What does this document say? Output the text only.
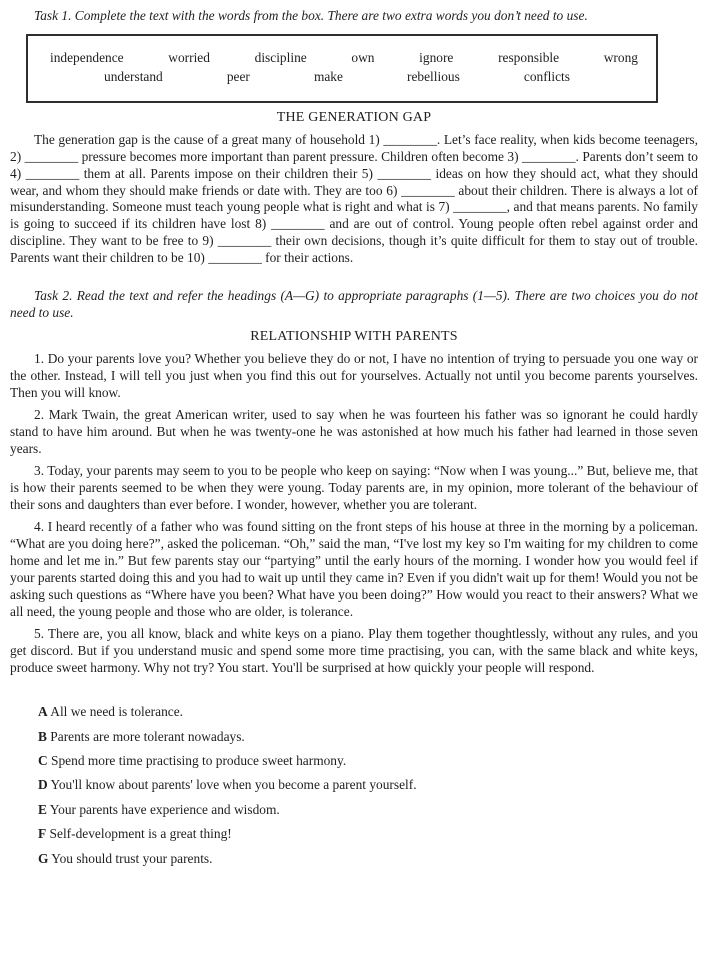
Task 1. Complete the text with the words from the box. There are two extra words you don’t need to use.

independence	worried	discipline	own	ignore	responsible	wrong
understand	peer	make	rebellious	conflicts
THE GENERATION GAP

The generation gap is the cause of a great many of household 1) ________. Let’s face reality, when kids become teenagers, 2) ________ pressure becomes more important than parent pressure. Children often become 3) ________. Parents don’t seem to 4) ________ them at all. Parents impose on their children their 5) ________ ideas on how they should act, what they should wear, and whom they should make friends or date with. They are too 6) ________ about their children. There is always a lot of misunderstanding. Someone must teach young people what is right and what is 7) ________, and that means parents. No family is going to succeed if its children have lost 8) ________ and are out of control. Young people often rebel against order and discipline. They want to be free to 9) ________ their own decisions, though it’s quite difficult for them to stay out of trouble. Parents want their children to be 10) ________ for their actions.

Task 2. Read the text and refer the headings (A—G) to appropriate paragraphs (1—5). There are two choices you do not need to use.

RELATIONSHIP WITH PARENTS

1. Do your parents love you? Whether you believe they do or not, I have no intention of trying to persuade you one way or the other. Instead, I will tell you just when you find this out for yourselves. Actually not until you become parents yourselves. Then you will know.

2. Mark Twain, the great American writer, used to say when he was fourteen his father was so ignorant he could hardly stand to have him around. But when he was twenty-one he was astonished at how much his father had learned in those seven years.

3. Today, your parents may seem to you to be people who keep on saying: “Now when I was young...” But, believe me, that is how their parents seemed to be when they were young. Today parents are, in my opinion, more tolerant of the behaviour of their sons and daughters than ever before. I wonder, however, whether you are tolerant.

4. I heard recently of a father who was found sitting on the front steps of his house at three in the morning by a policeman. “What are you doing here?”, asked the policeman. “Oh,” said the man, “I've lost my key so I'm waiting for my children to come home and let me in.” But few parents stay our “partying” until the early hours of the morning. I wonder how you would feel if your parents started doing this and you had to wait up until they came in? Even if you didn't wait up for them! Would you not be asking such questions as “Where have you been? What have you been doing?” How would you react to their answers? What we all need, the young people and those who are older, is tolerance.

5. There are, you all know, black and white keys on a piano. Play them together thoughtlessly, without any rules, and you get discord. But if you understand music and spend some more time practising, you can, with the same black and white keys, produce sweet harmony. Why not try? You start. You'll be surprised at how quickly your people will respond.

A All we need is tolerance.

B Parents are more tolerant nowadays.

C Spend more time practising to produce sweet harmony.

D You'll know about parents' love when you become a parent yourself.

E Your parents have experience and wisdom.

F Self-development is a great thing!

G You should trust your parents.
